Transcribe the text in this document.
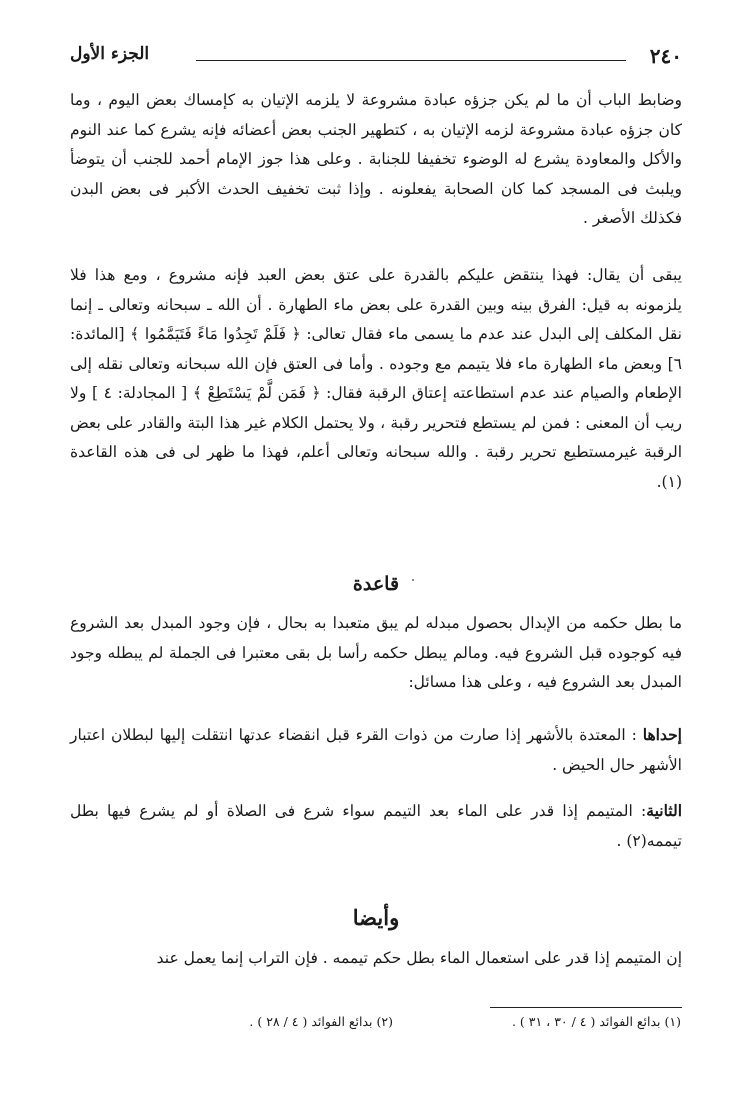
٢٤٠
الجزء الأول

وضابط الباب أن ما لم يكن جزؤه عبادة مشروعة لا يلزمه الإتيان به كإمساك بعض اليوم ، وما كان جزؤه عبادة مشروعة لزمه الإتيان به ، كتطهير الجنب بعض أعضائه فإنه يشرع كما عند النوم والأكل والمعاودة يشرع له الوضوء تخفيفا للجنابة . وعلى هذا جوز الإمام أحمد للجنب أن يتوضأ ويلبث فى المسجد كما كان الصحابة يفعلونه . وإذا ثبت تخفيف الحدث الأكبر فى بعض البدن فكذلك الأصغر .

يبقى أن يقال: فهذا ينتقض عليكم بالقدرة على عتق بعض العبد فإنه مشروع ، ومع هذا فلا يلزمونه به قيل: الفرق بينه وبين القدرة على بعض ماء الطهارة . أن الله ـ سبحانه وتعالى ـ إنما نقل المكلف إلى البدل عند عدم ما يسمى ماء فقال تعالى: ﴿ فَلَمْ تَجِدُوا مَاءً فَتَيَمَّمُوا ﴾ [المائدة: ٦] وبعض ماء الطهارة ماء فلا يتيمم مع وجوده . وأما فى العتق فإن الله سبحانه وتعالى نقله إلى الإطعام والصيام عند عدم استطاعته إعتاق الرقبة فقال: ﴿ فَمَن لَّمْ يَسْتَطِعْ ﴾ [ المجادلة: ٤ ] ولا ريب أن المعنى : فمن لم يستطع فتحرير رقبة ، ولا يحتمل الكلام غير هذا البتة والقادر على بعض الرقبة غيرمستطيع تحرير رقبة . والله سبحانه وتعالى أعلم، فهذا ما ظهر لى فى هذه القاعدة (١).

قاعدة

ما بطل حكمه من الإبدال بحصول مبدله لم يبق متعبدا به بحال ، فإن وجود المبدل بعد الشروع فيه كوجوده قبل الشروع فيه. ومالم يبطل حكمه رأسا بل بقى معتبرا فى الجملة لم يبطله وجود المبدل بعد الشروع فيه ، وعلى هذا مسائل:

إحداها : المعتدة بالأشهر إذا صارت من ذوات القرء قبل انقضاء عدتها انتقلت إليها لبطلان اعتبار الأشهر حال الحيض .

الثانية: المتيمم إذا قدر على الماء بعد التيمم سواء شرع فى الصلاة أو لم يشرع فيها بطل تيممه(٢) .

وأيضا

إن المتيمم إذا قدر على استعمال الماء بطل حكم تيممه . فإن التراب إنما يعمل عند

(١) بدائع الفوائد ( ٤ / ٣٠ ، ٣١ ) .
(٢) بدائع الفوائد ( ٤ / ٢٨ ) .
